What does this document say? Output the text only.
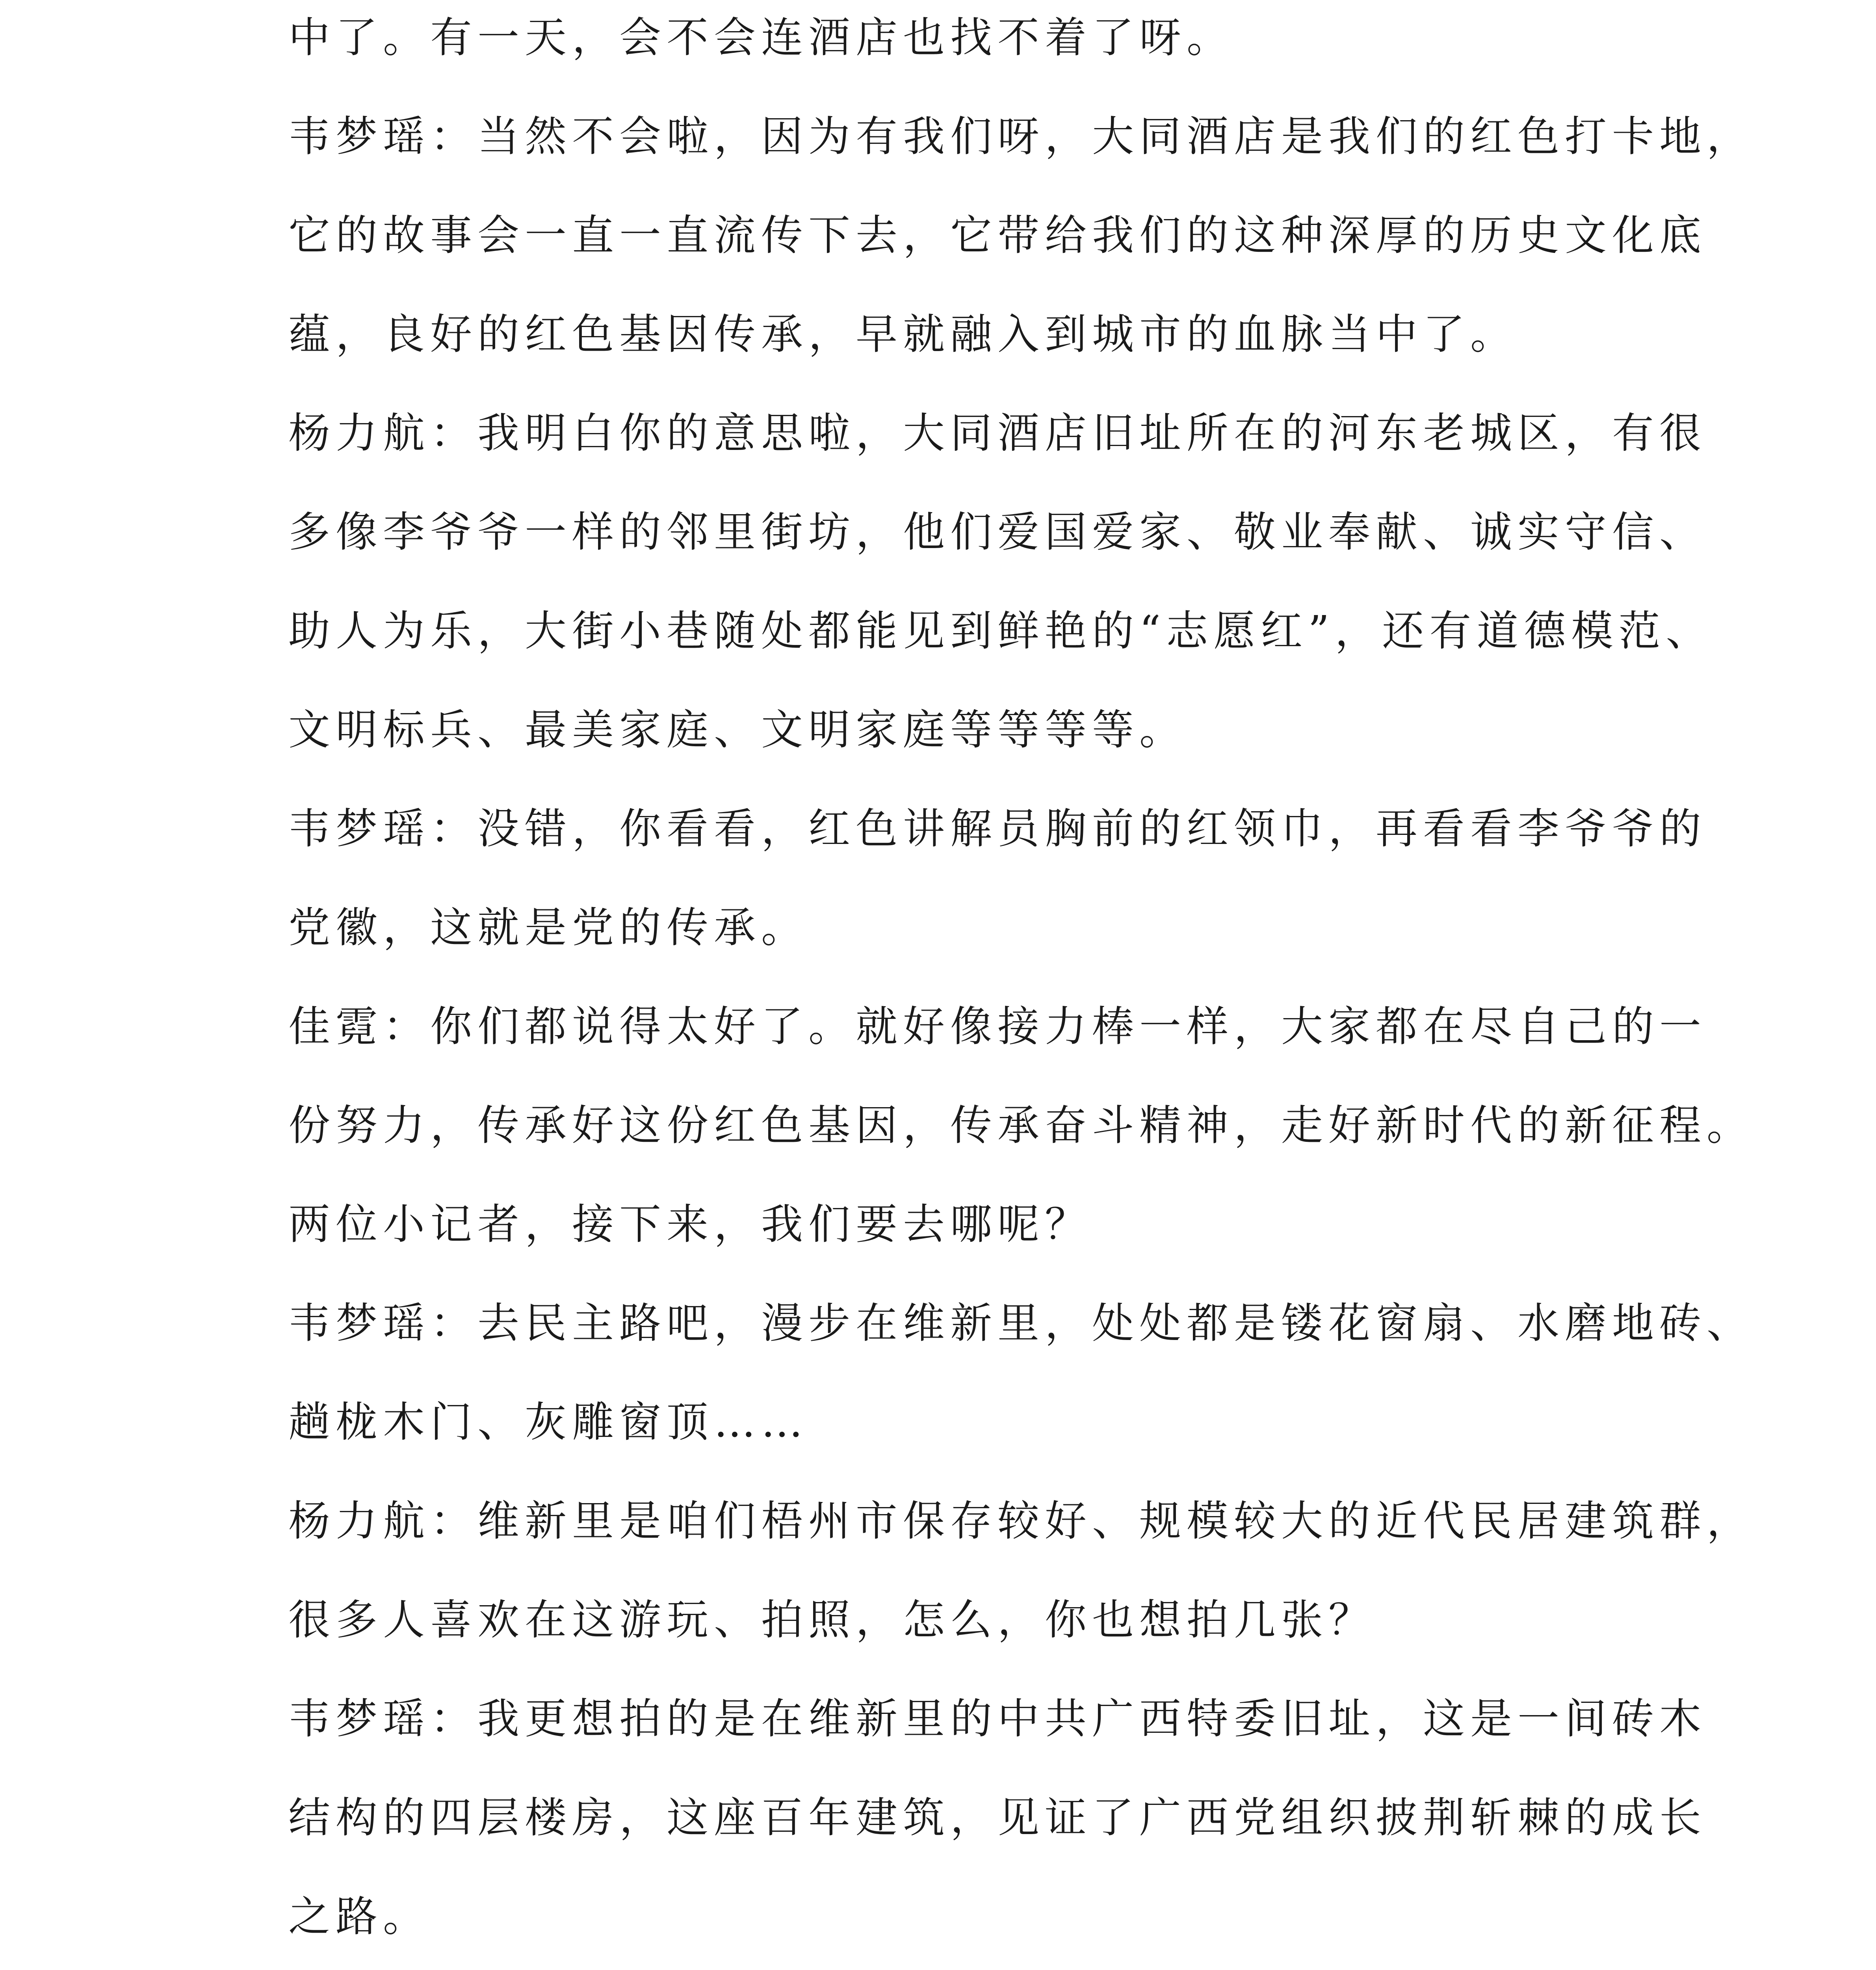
中了。有一天，会不会连酒店也找不着了呀。
韦梦瑶：当然不会啦，因为有我们呀，大同酒店是我们的红色打卡地，
它的故事会一直一直流传下去，它带给我们的这种深厚的历史文化底
蕴，良好的红色基因传承，早就融入到城市的血脉当中了。
杨力航：我明白你的意思啦，大同酒店旧址所在的河东老城区，有很
多像李爷爷一样的邻里街坊，他们爱国爱家、敬业奉献、诚实守信、
助人为乐，大街小巷随处都能见到鲜艳的“志愿红”，还有道德模范、
文明标兵、最美家庭、文明家庭等等等等。
韦梦瑶：没错，你看看，红色讲解员胸前的红领巾，再看看李爷爷的
党徽，这就是党的传承。
佳霓：你们都说得太好了。就好像接力棒一样，大家都在尽自己的一
份努力，传承好这份红色基因，传承奋斗精神，走好新时代的新征程。
两位小记者，接下来，我们要去哪呢？
韦梦瑶：去民主路吧，漫步在维新里，处处都是镂花窗扇、水磨地砖、
趟栊木门、灰雕窗顶……
杨力航：维新里是咱们梧州市保存较好、规模较大的近代民居建筑群，
很多人喜欢在这游玩、拍照，怎么，你也想拍几张？
韦梦瑶：我更想拍的是在维新里的中共广西特委旧址，这是一间砖木
结构的四层楼房，这座百年建筑，见证了广西党组织披荆斩棘的成长
之路。
